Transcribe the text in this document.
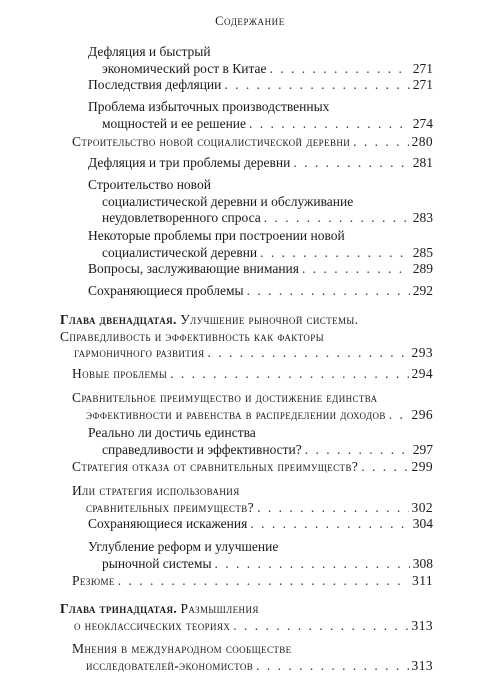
Содержание
Дефляция и быстрый
экономический рост в Китае . . .	271
Последствия дефляции . . .	271
Проблема избыточных производственных
мощностей и ее решение . . .	274
Строительство новой социалистической деревни . . .	280
Дефляция и три проблемы деревни . . .	281
Строительство новой
социалистической деревни и обслуживание
неудовлетворенного спроса . . .	283
Некоторые проблемы при построении новой
социалистической деревни . . .	285
Вопросы, заслуживающие внимания . . .	289
Сохраняющиеся проблемы . . .	292
Глава двенадцатая. Улучшение рыночной системы.
Справедливость и эффективность как факторы
гармоничного развития . . .	293
Новые проблемы . . .	294
Сравнительное преимущество и достижение единства
эффективности и равенства в распределении доходов . . . 296
Реально ли достичь единства
справедливости и эффективности? . . .	297
Стратегия отказа от сравнительных преимуществ? . . .	299
Или стратегия использования
сравнительных преимуществ? . . .	302
Сохраняющиеся искажения . . .	304
Углубление реформ и улучшение
рыночной системы . . .	308
Резюме . . .	311
Глава тринадцатая. Размышления
о неоклассических теориях . . .	313
Мнения в международном сообществе
исследователей-экономистов . . .	313
